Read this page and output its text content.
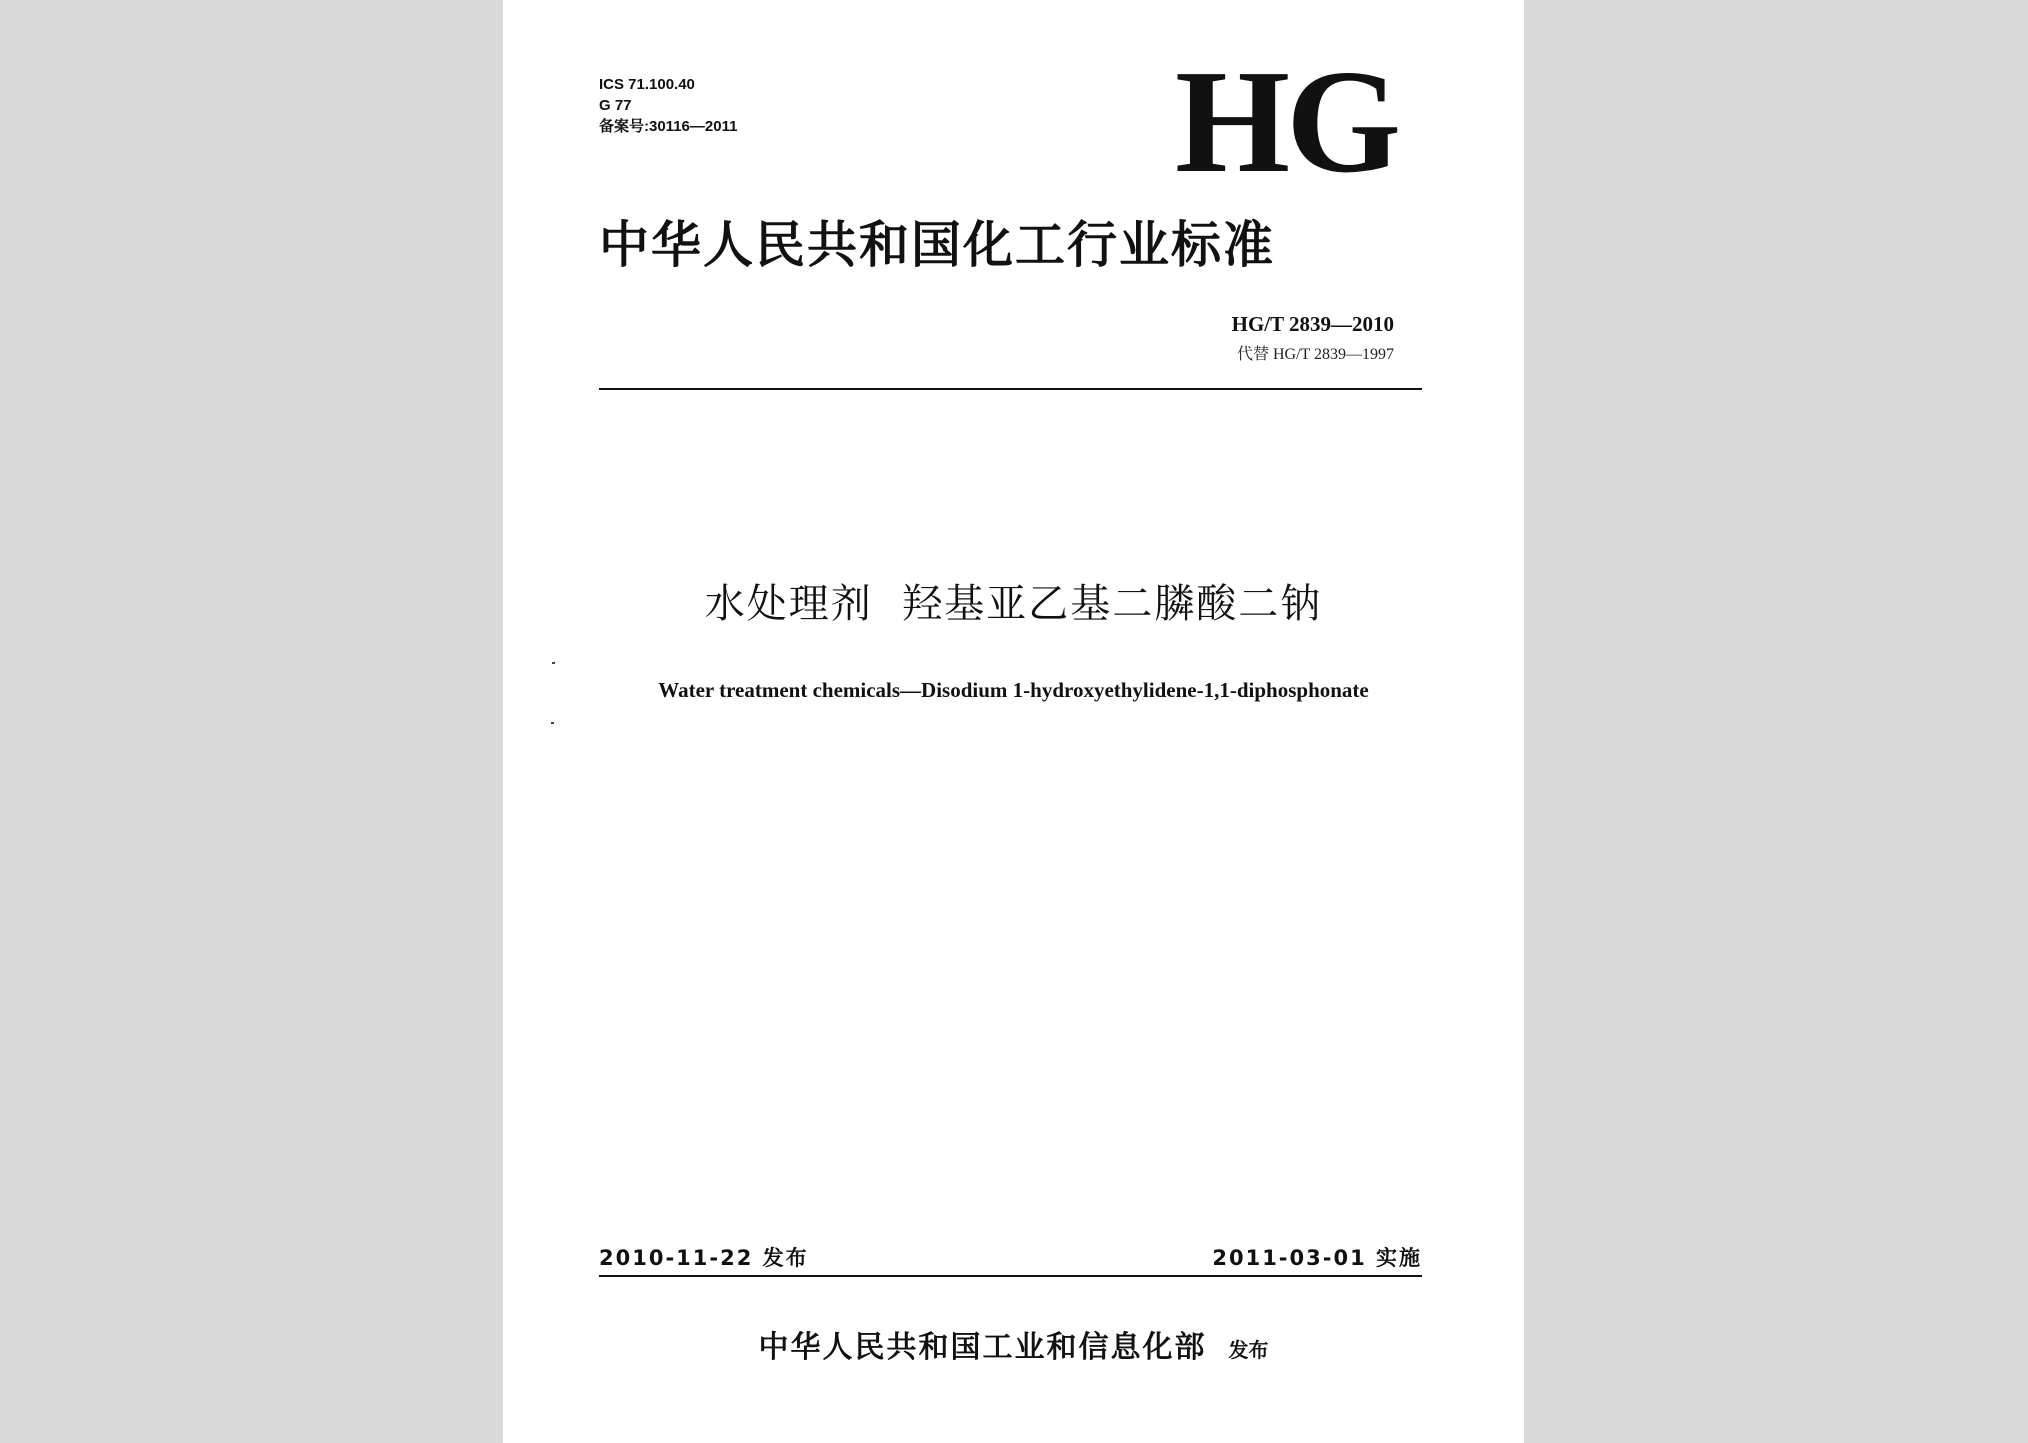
ICS 71.100.40
G 77
备案号:30116—2011	HG
中华人民共和国化工行业标准
HG/T 2839—2010
代替 HG/T 2839—1997
水处理剂  羟基亚乙基二膦酸二钠
Water treatment chemicals—Disodium 1-hydroxyethylidene-1,1-diphosphonate
2010-11-22 发布	2011-03-01 实施
中华人民共和国工业和信息化部 发布
